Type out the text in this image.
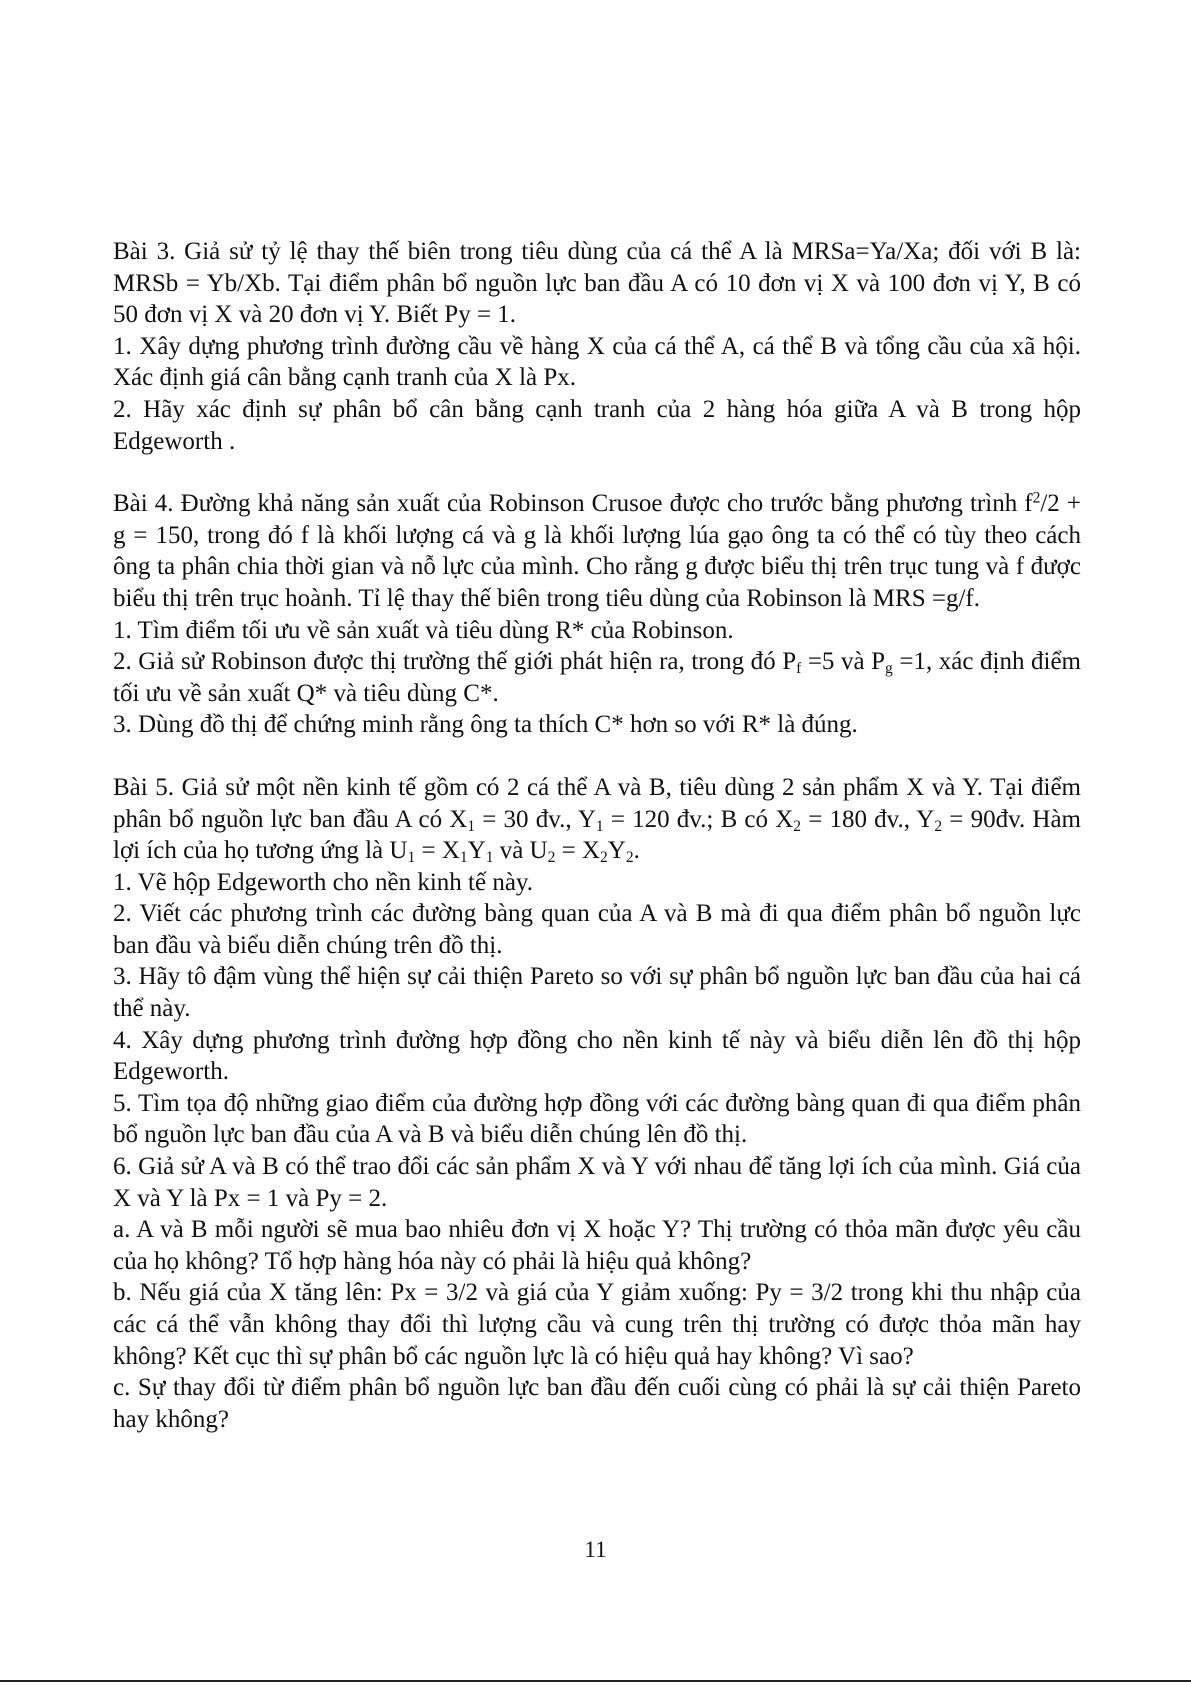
Bài 3. Giả sử tỷ lệ thay thế biên trong tiêu dùng của cá thể A là MRSa=Ya/Xa; đối với B là: MRSb = Yb/Xb. Tại điểm phân bổ nguồn lực ban đầu A có 10 đơn vị X và 100 đơn vị Y, B có 50 đơn vị X và 20 đơn vị Y. Biết Py = 1.

1. Xây dựng phương trình đường cầu về hàng X của cá thể A, cá thể B và tổng cầu của xã hội. Xác định giá cân bằng cạnh tranh của X là Px.

2. Hãy xác định sự phân bổ cân bằng cạnh tranh của 2 hàng hóa giữa A và B trong hộp Edgeworth .

Bài 4. Đường khả năng sản xuất của Robinson Crusoe được cho trước bằng phương trình $f^2/2 + g = 150$, trong đó f là khối lượng cá và g là khối lượng lúa gạo ông ta có thể có tùy theo cách ông ta phân chia thời gian và nỗ lực của mình. Cho rằng g được biểu thị trên trục tung và f được biểu thị trên trục hoành. Tỉ lệ thay thế biên trong tiêu dùng của Robinson là MRS =g/f.

1. Tìm điểm tối ưu về sản xuất và tiêu dùng R* của Robinson.

2. Giả sử Robinson được thị trường thế giới phát hiện ra, trong đó $P_f =5$ và $P_g =1$, xác định điểm tối ưu về sản xuất Q* và tiêu dùng C*.

3. Dùng đồ thị để chứng minh rằng ông ta thích C* hơn so với R* là đúng.

Bài 5. Giả sử một nền kinh tế gồm có 2 cá thể A và B, tiêu dùng 2 sản phẩm X và Y. Tại điểm phân bổ nguồn lực ban đầu A có $X_1 = 30$ đv., $Y_1 = 120$ đv.; B có $X_2 = 180$ đv., $Y_2$ = 90đv. Hàm lợi ích của họ tương ứng là $U_1 = X_1Y_1$ và $U_2 = X_2Y_2$.

1. Vẽ hộp Edgeworth cho nền kinh tế này.

2. Viết các phương trình các đường bàng quan của A và B mà đi qua điểm phân bổ nguồn lực ban đầu và biểu diễn chúng trên đồ thị.

3. Hãy tô đậm vùng thể hiện sự cải thiện Pareto so với sự phân bổ nguồn lực ban đầu của hai cá thể này.

4. Xây dựng phương trình đường hợp đồng cho nền kinh tế này và biểu diễn lên đồ thị hộp Edgeworth.

5. Tìm tọa độ những giao điểm của đường hợp đồng với các đường bàng quan đi qua điểm phân bổ nguồn lực ban đầu của A và B và biểu diễn chúng lên đồ thị.

6. Giả sử A và B có thể trao đổi các sản phẩm X và Y với nhau để tăng lợi ích của mình. Giá của X và Y là Px = 1 và Py = 2.

a. A và B mỗi người sẽ mua bao nhiêu đơn vị X hoặc Y? Thị trường có thỏa mãn được yêu cầu của họ không? Tổ hợp hàng hóa này có phải là hiệu quả không?

b. Nếu giá của X tăng lên: Px = 3/2 và giá của Y giảm xuống: Py = 3/2 trong khi thu nhập của các cá thể vẫn không thay đổi thì lượng cầu và cung trên thị trường có được thỏa mãn hay không? Kết cục thì sự phân bổ các nguồn lực là có hiệu quả hay không? Vì sao?

c. Sự thay đổi từ điểm phân bổ nguồn lực ban đầu đến cuối cùng có phải là sự cải thiện Pareto hay không?

11
